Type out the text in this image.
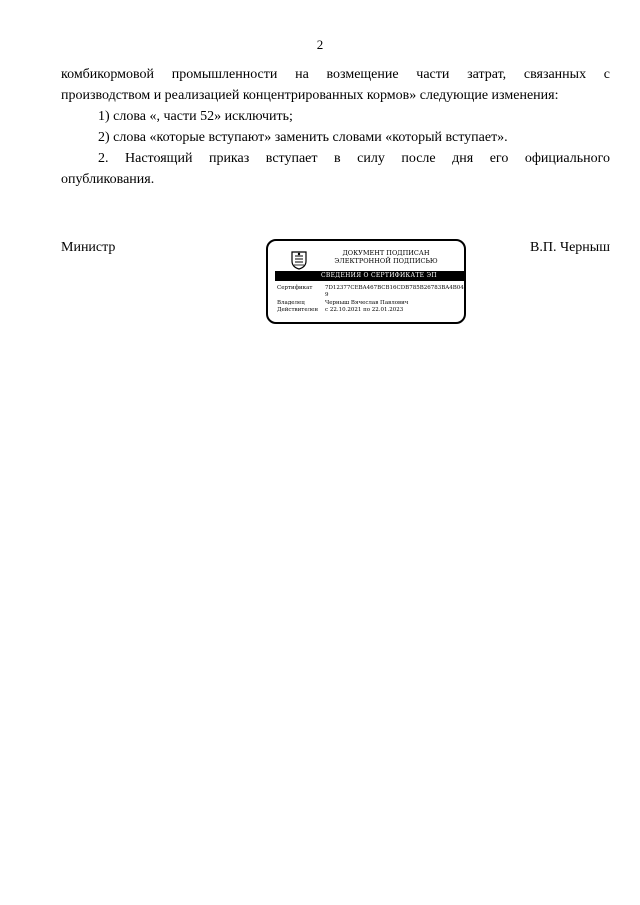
2
комбикормовой промышленности на возмещение части затрат, связанных с
производством и реализацией концентрированных кормов» следующие изменения:
1) слова «, части 52» исключить;
2) слова «которые вступают» заменить словами «который вступает».
2. Настоящий приказ вступает в силу после дня его официального
опубликования.
Министр	В.П. Черныш
ДОКУМЕНТ ПОДПИСАН
ЭЛЕКТРОННОЙ ПОДПИСЬЮ
СВЕДЕНИЯ О СЕРТИФИКАТЕ ЭП
Сертификат 7D12377CEBA467BCB16CDB785B26783BA4B04
9
Владелец	Черныш Вячеслав Павлович
Действителен с 22.10.2021 по 22.01.2023
